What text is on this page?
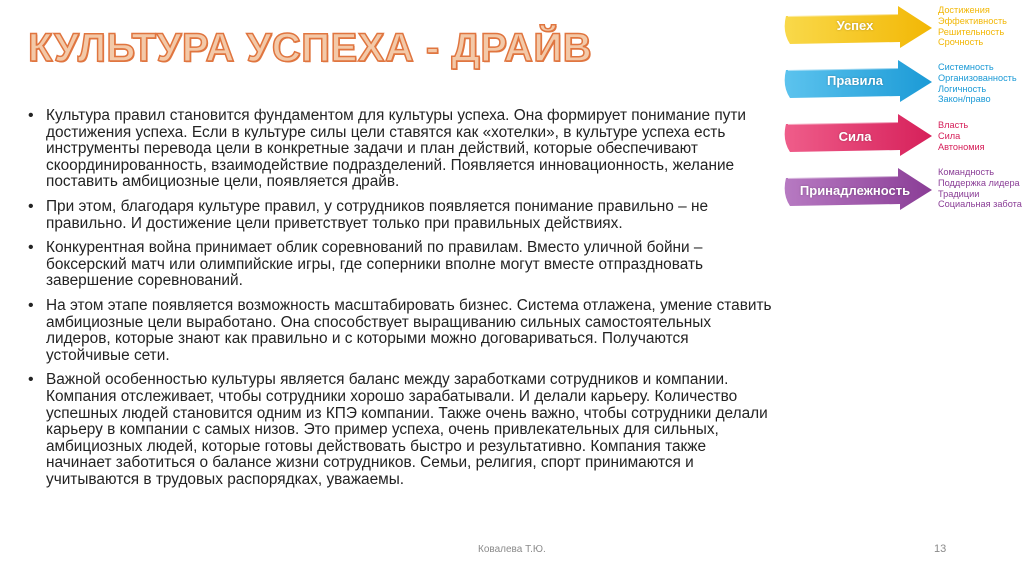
КУЛЬТУРА УСПЕХА - ДРАЙВ
• Культура правил становится фундаментом для культуры успеха. Она формирует понимание пути достижения успеха. Если в культуре силы цели ставятся как «хотелки», в культуре успеха есть инструменты перевода цели в конкретные задачи и план действий, которые обеспечивают скоординированность, взаимодействие подразделений. Появляется инновационность, желание поставить амбициозные цели, появляется драйв.
• При этом, благодаря культуре правил, у сотрудников появляется понимание правильно – не правильно. И достижение цели приветствует только при правильных действиях.
• Конкурентная война принимает облик соревнований по правилам. Вместо уличной бойни – боксерский матч или олимпийские игры, где соперники вполне могут вместе отпраздновать завершение соревнований.
• На этом этапе появляется возможность масштабировать бизнес. Система отлажена, умение ставить амбициозные цели выработано. Она способствует выращиванию сильных самостоятельных лидеров, которые знают как правильно и с которыми можно договариваться. Получаются устойчивые сети.
• Важной особенностью культуры является баланс между заработками сотрудников и компании. Компания отслеживает, чтобы сотрудники хорошо зарабатывали. И делали карьеру. Количество успешных людей становится одним из КПЭ компании. Также очень важно, чтобы сотрудники делали карьеру в компании с самых низов. Это пример успеха, очень привлекательных для сильных, амбициозных людей, которые готовы действовать быстро и результативно. Компания также начинает заботиться о балансе жизни сотрудников. Семьи, религия, спорт принимаются и учитываются в трудовых распорядках, уважаемы.
Успех
Достижения
Эффективность
Решительность
Срочность
Правила
Системность
Организованность
Логичность
Закон/право
Сила
Власть
Сила
Автономия
Принадлежность
Командность
Поддержка лидера
Традиции
Социальная забота
Ковалева Т.Ю.	13
